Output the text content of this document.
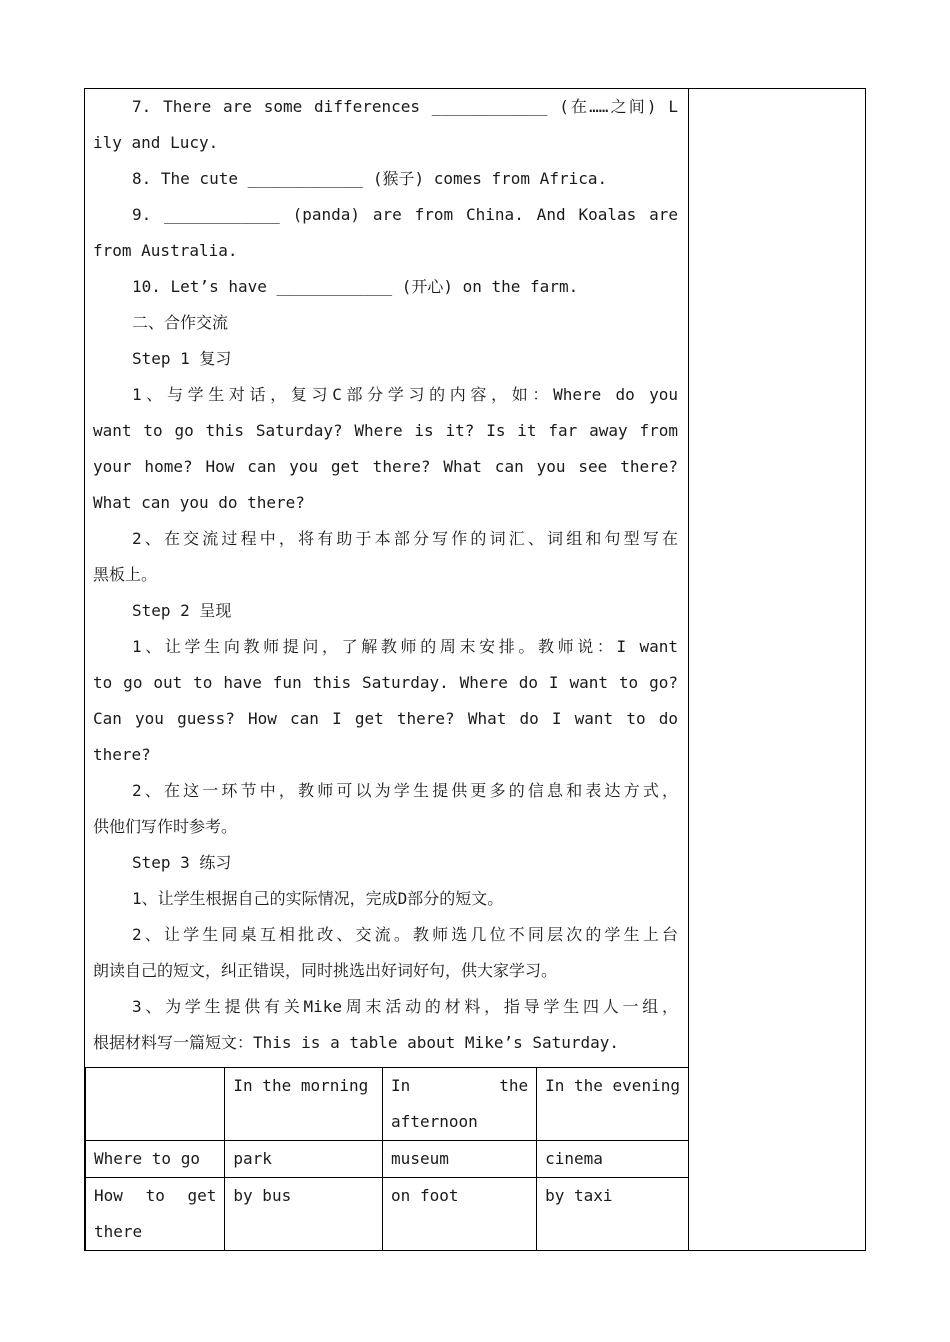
7. There are some differences ____________ (在……之间) L
ily and Lucy.
8. The cute ____________ (猴子) comes from Africa.
9. ____________ (panda) are from China. And Koalas are
from Australia.
10. Let’s have ____________ (开心) on the farm.
二、合作交流
Step 1 复习
1、与学生对话，复习C部分学习的内容，如：Where do you
want to go this Saturday? Where is it? Is it far away from
your home? How can you get there? What can you see there?
What can you do there?
2、在交流过程中，将有助于本部分写作的词汇、词组和句型写在
黑板上。
Step 2 呈现
1、让学生向教师提问，了解教师的周末安排。教师说：I want
to go out to have fun this Saturday. Where do I want to go?
Can you guess? How can I get there? What do I want to do
there?
2、在这一环节中，教师可以为学生提供更多的信息和表达方式，
供他们写作时参考。
Step 3 练习
1、让学生根据自己的实际情况，完成D部分的短文。
2、让学生同桌互相批改、交流。教师选几位不同层次的学生上台
朗读自己的短文，纠正错误，同时挑选出好词好句，供大家学习。
3、为学生提供有关Mike周末活动的材料，指导学生四人一组，
根据材料写一篇短文：This is a table about Mike’s Saturday.
	In the morning	In the afternoon	In the evening
Where to go	park	museum	cinema
How to get there	by bus	on foot	by taxi
